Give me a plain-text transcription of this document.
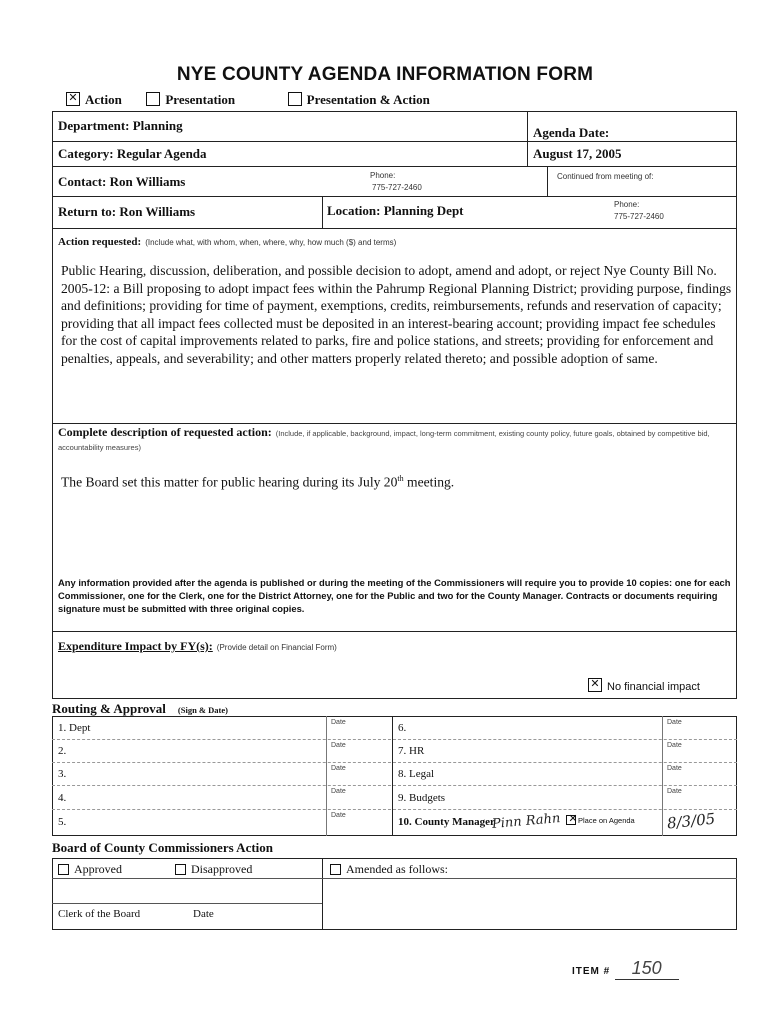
NYE COUNTY AGENDA INFORMATION FORM
✕Action	Presentation	Presentation & Action
Department: Planning	Agenda Date:
Category: Regular Agenda	August 17, 2005
Contact: Ron Williams	Phone:
775-727-2460
Continued from meeting of:
Return to: Ron Williams	Location: Planning Dept	Phone:
775-727-2460
Action requested: (Include what, with whom, when, where, why, how much ($) and terms)
Public Hearing, discussion, deliberation, and possible decision to adopt, amend and adopt, or reject Nye County Bill No. 2005-12: a Bill proposing to adopt impact fees within the Pahrump Regional Planning District; providing purpose, findings and definitions; providing for time of payment, exemptions, credits, reimbursements, refunds and reservation of capacity; providing that all impact fees collected must be deposited in an interest-bearing account; providing impact fee schedules for the cost of capital improvements related to parks, fire and police stations, and streets; providing for enforcement and penalties, appeals, and severability; and other matters properly related thereto; and possible adoption of same.
Complete description of requested action: (Include, if applicable, background, impact, long-term commitment, existing county policy, future goals, obtained by competitive bid, accountability measures)
The Board set this matter for public hearing during its July 20th meeting.
Any information provided after the agenda is published or during the meeting of the Commissioners will require you to provide 10 copies: one for each Commissioner, one for the Clerk, one for the District Attorney, one for the Public and two for the County Manager. Contracts or documents requiring signature must be submitted with three original copies.
Expenditure Impact by FY(s): (Provide detail on Financial Form)
✕No financial impact
Routing & Approval (Sign & Date)
1. Dept
2.
3.
4.
5.
Date
Date
Date
Date
Date
Date
Date
Date
Date
6.
7. HR
8. Legal
9. Budgets
10. County Manager
Pinn Rahn
✕	Place on Agenda 8/3/05
Board of County Commissioners Action
Approved	Disapproved	Amended as follows:
Clerk of the Board	Date
ITEM # 150
